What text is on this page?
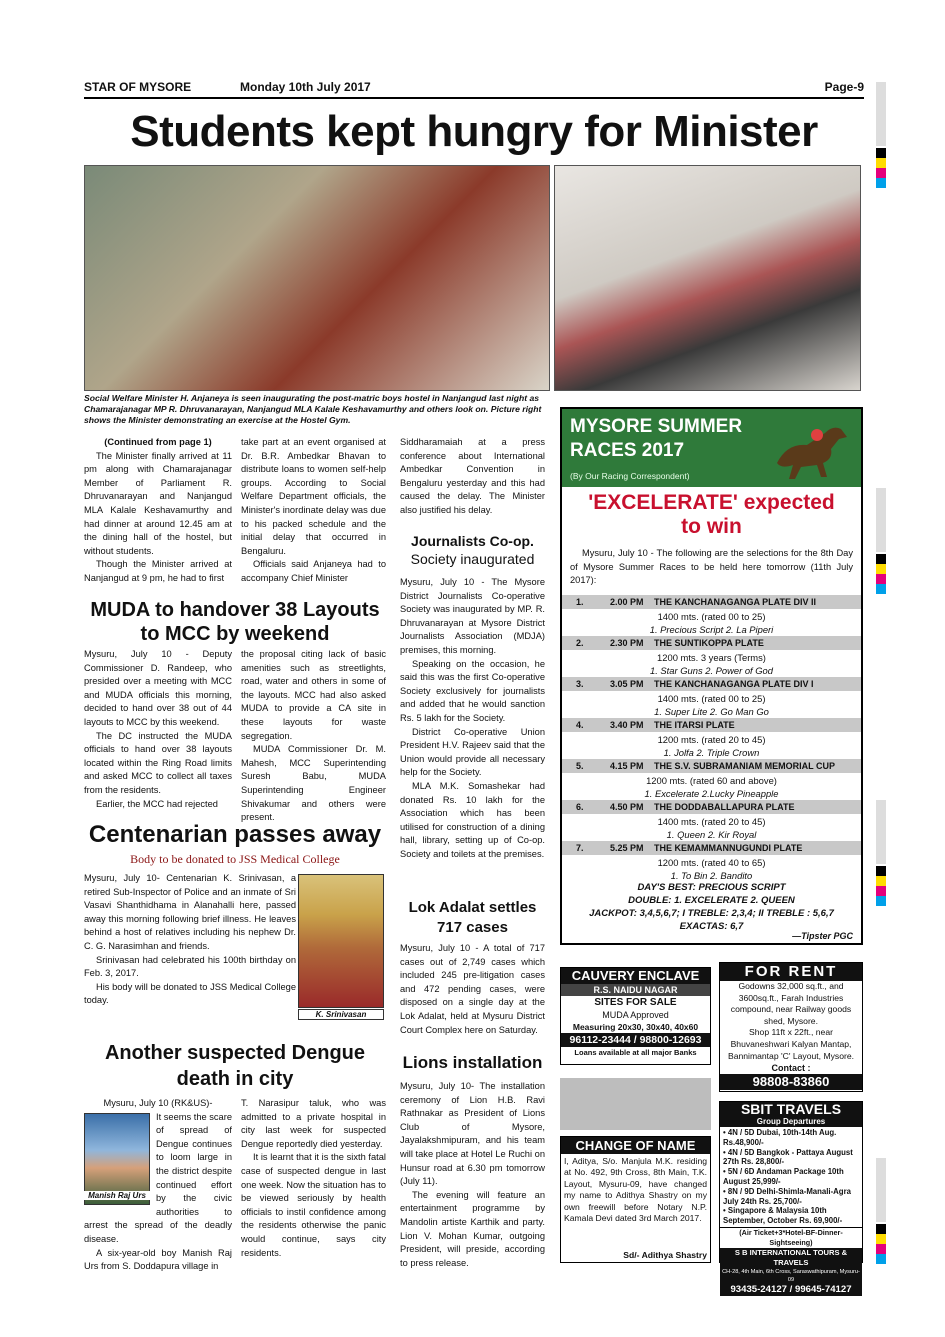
STAR OF MYSORE	Monday 10th July 2017	Page-9
Students kept hungry for Minister
Social Welfare Minister H. Anjaneya is seen inaugurating the post-matric boys hostel in Nanjangud last night as Chamarajanagar MP R. Dhruvanarayan, Nanjangud MLA Kalale Keshavamurthy and others look on. Picture right shows the Minister demonstrating an exercise at the Hostel Gym.

(Continued from page 1)

The Minister finally arrived at 11 pm along with Chamarajanagar Member of Parliament R. Dhruvanarayan and Nanjangud MLA Kalale Keshavamurthy and had dinner at around 12.45 am at the dining hall of the hostel, but without students.

Though the Minister arrived at Nanjangud at 9 pm, he had to first

take part at an event organised at Dr. B.R. Ambedkar Bhavan to distribute loans to women self-help groups. According to Social Welfare Department officials, the Minister's inordinate delay was due to his packed schedule and the initial delay that occurred in Bengaluru.

Officials said Anjaneya had to accompany Chief Minister

Siddharamaiah at a press conference about International Ambedkar Convention in Bengaluru yesterday and this had caused the delay. The Minister also justified his delay.

MUDA to handover 38 Layouts
to MCC by weekend

Mysuru, July 10 - Deputy Commissioner D. Randeep, who presided over a meeting with MCC and MUDA officials this morning, decided to hand over 38 out of 44 layouts to MCC by this weekend.

The DC instructed the MUDA officials to hand over 38 layouts located within the Ring Road limits and asked MCC to collect all taxes from the residents.

Earlier, the MCC had rejected

the proposal citing lack of basic amenities such as streetlights, road, water and others in some of the layouts. MCC had also asked MUDA to provide a CA site in these layouts for waste segregation.

MUDA Commissioner Dr. M. Mahesh, MCC Superintending Suresh Babu, MUDA Superintending Engineer Shivakumar and others were present.

Journalists Co-op.
Society inaugurated

Mysuru, July 10 - The Mysore District Journalists Co-operative Society was inaugurated by MP. R. Dhruvanarayan at Mysore District Journalists Association (MDJA) premises, this morning.

Speaking on the occasion, he said this was the first Co-operative Society exclusively for journalists and added that he would sanction Rs. 5 lakh for the Society.

District Co-operative Union President H.V. Rajeev said that the Union would provide all necessary help for the Society.

MLA M.K. Somashekar had donated Rs. 10 lakh for the Association which has been utilised for construction of a dining hall, library, setting up of Co-op. Society and toilets at the premises.

Centenarian passes away
Body to be donated to JSS Medical College

Mysuru, July 10- Centenarian K. Srinivasan, a retired Sub-Inspector of Police and an inmate of Sri Vasavi Shanthidhama in Alanahalli here, passed away this morning following brief illness. He leaves behind a host of relatives including his nephew Dr. C. G. Narasimhan and friends.

Srinivasan had celebrated his 100th birthday on Feb. 3, 2017.

His body will be donated to JSS Medical College today.

K. Srinivasan
Lok Adalat settles
717 cases

Mysuru, July 10 - A total of 717 cases out of 2,749 cases which included 245 pre-litigation cases and 472 pending cases, were disposed on a single day at the Lok Adalat, held at Mysuru District Court Complex here on Saturday.

Another suspected Dengue
death in city

Mysuru, July 10 (RK&US)-

It seems the scare of spread of Dengue continues to loom large in the district despite continued effort by the civic authorities to arrest the spread of the deadly disease.

A six-year-old boy Manish Raj Urs from S. Doddapura village in

Manish Raj Urs

T. Narasipur taluk, who was admitted to a private hospital in city last week for suspected Dengue reportedly died yesterday.

It is learnt that it is the sixth fatal case of suspected dengue in last one week. Now the situation has to be viewed seriously by health officials to instil confidence among the residents otherwise the panic would continue, says city residents.

Lions installation

Mysuru, July 10- The installation ceremony of Lion H.B. Ravi Rathnakar as President of Lions Club of Mysore, Jayalakshmipuram, and his team will take place at Hotel Le Ruchi on Hunsur road at 6.30 pm tomorrow (July 11).

The evening will feature an entertainment programme by Mandolin artiste Karthik and party. Lion V. Mohan Kumar, outgoing President, will preside, according to press release.

MYSORE SUMMER
RACES 2017
(By Our Racing Correspondent)
'EXCELERATE' expected
to win

Mysuru, July 10 - The following are the selections for the 8th Day of Mysore Summer Races to be held here tomorrow (11th July 2017):

1.	2.00 PM THE KANCHANAGANGA PLATE DIV II
1400 mts. (rated 00 to 25)
1. Precious Script 2. La Piperi
2.	2.30 PM THE SUNTIKOPPA PLATE
1200 mts. 3 years (Terms)
1. Star Guns 2. Power of God
3.	3.05 PM THE KANCHANAGANGA PLATE DIV I
1400 mts. (rated 00 to 25)
1. Super Lite 2. Go Man Go
4.	3.40 PM THE ITARSI PLATE
1200 mts. (rated 20 to 45)
1. Jolfa 2. Triple Crown
5.	4.15 PM THE S.V. SUBRAMANIAM MEMORIAL CUP
1200 mts. (rated 60 and above)
1. Excelerate 2.Lucky Pineapple
6.	4.50 PM THE DODDABALLAPURA PLATE
1400 mts. (rated 20 to 45)
1. Queen 2. Kir Royal
7.	5.25 PM THE KEMAMMANNUGUNDI PLATE
1200 mts. (rated 40 to 65)
1. To Bin 2. Bandito
DAY'S BEST: PRECIOUS SCRIPT
DOUBLE: 1. EXCELERATE 2. QUEEN
JACKPOT: 3,4,5,6,7; I TREBLE: 2,3,4; II TREBLE : 5,6,7
EXACTAS: 6,7
—Tipster PGC
CAUVERY ENCLAVE
R.S. NAIDU NAGAR
SITES FOR SALE
MUDA Approved
Measuring 20x30, 30x40, 40x60
96112-23444 / 98800-12693
Loans available at all major Banks
CHANGE OF NAME
I, Aditya, S/o. Manjula M.K. residing at No. 492, 9th Cross, 8th Main, T.K. Layout, Mysuru-09, have changed my name to Adithya Shastry on my own freewill before Notary N.P. Kamala Devi dated 3rd March 2017.
Sd/- Adithya Shastry
FOR RENT
Godowns 32,000 sq.ft., and 3600sq.ft., Farah Industries compound, near Railway goods shed, Mysore.
Shop 11ft x 22ft., near Bhuvaneshwari Kalyan Mantap, Bannimantap 'C' Layout, Mysore.
Contact :
98808-83860
SBIT TRAVELS
Group Departures
• 4N / 5D Dubai, 10th-14th Aug. Rs.48,900/-
• 4N / 5D Bangkok - Pattaya August 27th Rs. 28,800/-
• 5N / 6D Andaman Package 10th August 25,999/-
• 8N / 9D Delhi-Shimla-Manali-Agra July 24th Rs. 25,700/-
• Singapore & Malaysia 10th September, October Rs. 69,900/-
(Air Ticket+3*Hotel-BF-Dinner-Sightseeing)
S B INTERNATIONAL TOURS & TRAVELS
CH-28, 4th Main, 6th Cross, Saraswathipuram, Mysuru-09
93435-24127 / 99645-74127
